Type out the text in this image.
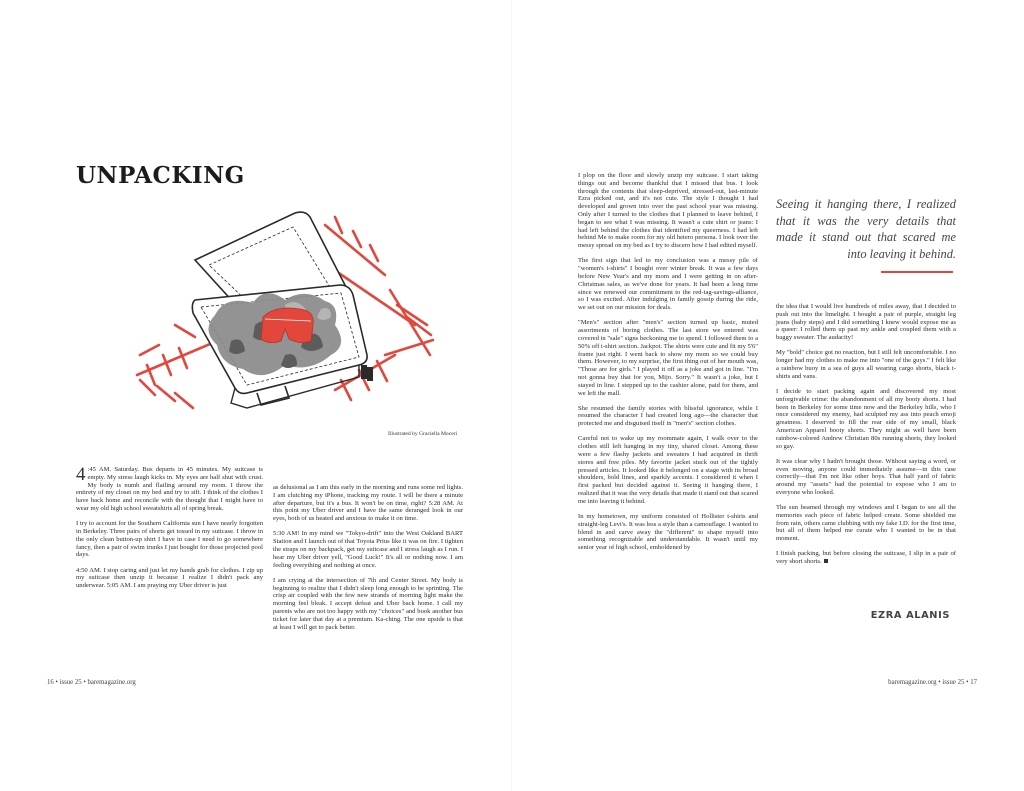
UNPACKING
Illustrated by Graciella Moceri

4 :45 AM. Saturday. Bus departs in 45 minutes. My suitcase is empty. My stress laugh kicks in. My eyes are half shut with crust. My body is numb and flailing around my room. I throw the entirety of my closet on my bed and try to sift. I think of the clothes I have back home and reconcile with the thought that I might have to wear my old high school sweatshirts all of spring break.

I try to account for the Southern California sun I have nearly forgotten in Berkeley. Three pairs of shorts get tossed in my suitcase. I throw in the only clean button-up shirt I have in case I need to go somewhere fancy, then a pair of swim trunks I just bought for those projected pool days.

4:50 AM. I stop caring and just let my hands grab for clothes. I zip up my suitcase then unzip it because I realize I didn't pack any underwear. 5:05 AM. I am praying my Uber driver is just

as delusional as I am this early in the morning and runs some red lights. I am clutching my iPhone, tracking my route. I will be there a minute after departure, but it's a bus. It won't be on time, right? 5:28 AM. At this point my Uber driver and I have the same deranged look in our eyes, both of us heated and anxious to make it on time.

5:30 AM! In my mind we "Tokyo-drift" into the West Oakland BART Station and I launch out of that Toyota Prius like it was on fire. I tighten the straps on my backpack, get my suitcase and I stress laugh as I run. I hear my Uber driver yell, "Good Luck!" It's all or nothing now. I am feeling everything and nothing at once.

I am crying at the intersection of 7th and Center Street. My body is beginning to realize that I didn't sleep long enough to be sprinting. The crisp air coupled with the few new strands of morning light make the morning feel bleak. I accept defeat and Uber back home. I call my parents who are not too happy with my "choices" and book another bus ticket for later that day at a premium. Ka-ching. The one upside is that at least I will get to pack better.

16 • issue 25 • baremagazine.org

I plop on the floor and slowly unzip my suitcase. I start taking things out and become thankful that I missed that bus. I look through the contents that sleep-deprived, stressed-out, last-minute Ezra picked out, and it's not cute. The style I thought I had developed and grown into over the past school year was missing. Only after I turned to the clothes that I planned to leave behind, I began to see what I was missing. It wasn't a cute shirt or jeans: I had left behind the clothes that identified my queerness. I had left behind Me to make room for my old hetero persona. I look over the messy spread on my bed as I try to discern how I had edited myself.

The first sign that led to my conclusion was a messy pile of "women's t-shirts" I bought over winter break. It was a few days before New Year's and my mom and I were getting in on after-Christmas sales, as we've done for years. It had been a long time since we renewed our commitment to the red-tag-savings-alliance, so I was excited. After indulging in family gossip during the ride, we set out on our mission for deals.

"Men's" section after "men's" section turned up basic, muted assortments of boring clothes. The last store we entered was covered in "sale" signs beckoning me to spend. I followed them to a 50% off t-shirt section. Jackpot. The shirts were cute and fit my 5'6" frame just right. I went back to show my mom so we could buy them. However, to my surprise, the first thing out of her mouth was, "Those are for girls." I played it off as a joke and got in line. "I'm not gonna buy that for you, Mijo. Sorry." It wasn't a joke, but I stayed in line. I stepped up to the cashier alone, paid for them, and we left the mall.

She resumed the family stories with blissful ignorance, while I resumed the character I had created long ago—the character that protected me and disguised itself in "men's" section clothes.

Careful not to wake up my roommate again, I walk over to the clothes still left hanging in my tiny, shared closet. Among these were a few flashy jackets and sweaters I had acquired in thrift stores and free piles. My favorite jacket stuck out of the tightly pressed articles. It looked like it belonged on a stage with its broad shoulders, bold lines, and sparkly accents. I considered it when I first packed but decided against it. Seeing it hanging there, I realized that it was the very details that made it stand out that scared me into leaving it behind.

In my hometown, my uniform consisted of Hollister t-shirts and straight-leg Levi's. It was less a style than a camouflage. I wanted to blend in and carve away the "different" to shape myself into something recognizable and understandable. It wasn't until my senior year of high school, emboldened by

Seeing it hanging there, I realized that it was the very details that made it stand out that scared me into leaving it behind.

the idea that I would live hundreds of miles away, that I decided to push out into the limelight. I bought a pair of purple, straight leg jeans (baby steps) and I did something I knew would expose me as a queer: I rolled them up past my ankle and coupled them with a baggy sweater. The audacity!

My "bold" choice got no reaction, but I still felt uncomfortable. I no longer had my clothes to make me into "one of the guys." I felt like a rainbow buoy in a sea of guys all wearing cargo shorts, black t-shirts and vans.

I decide to start packing again and discovered my most unforgivable crime: the abandonment of all my booty shorts. I had been in Berkeley for some time now and the Berkeley hills, who I once considered my enemy, had sculpted my ass into peach emoji greatness. I deserved to fill the rear side of my small, black American Apparel booty shorts. They might as well have been rainbow-colored Andrew Christian 80s running shorts, they looked so gay.

It was clear why I hadn't brought those. Without saying a word, or even moving, anyone could immediately assume—in this case correctly—that I'm not like other boys. That half yard of fabric around my "assets" had the potential to expose who I am to everyone who looked.

The sun beamed through my windows and I began to see all the memories each piece of fabric helped create. Some shielded me from rain, others came clubbing with my fake I.D. for the first time, but all of them helped me curate who I wanted to be in that moment.

I finish packing, but before closing the suitcase, I slip in a pair of very short shorts.

EZRA ALANIS

baremagazine.org • issue 25 • 17
